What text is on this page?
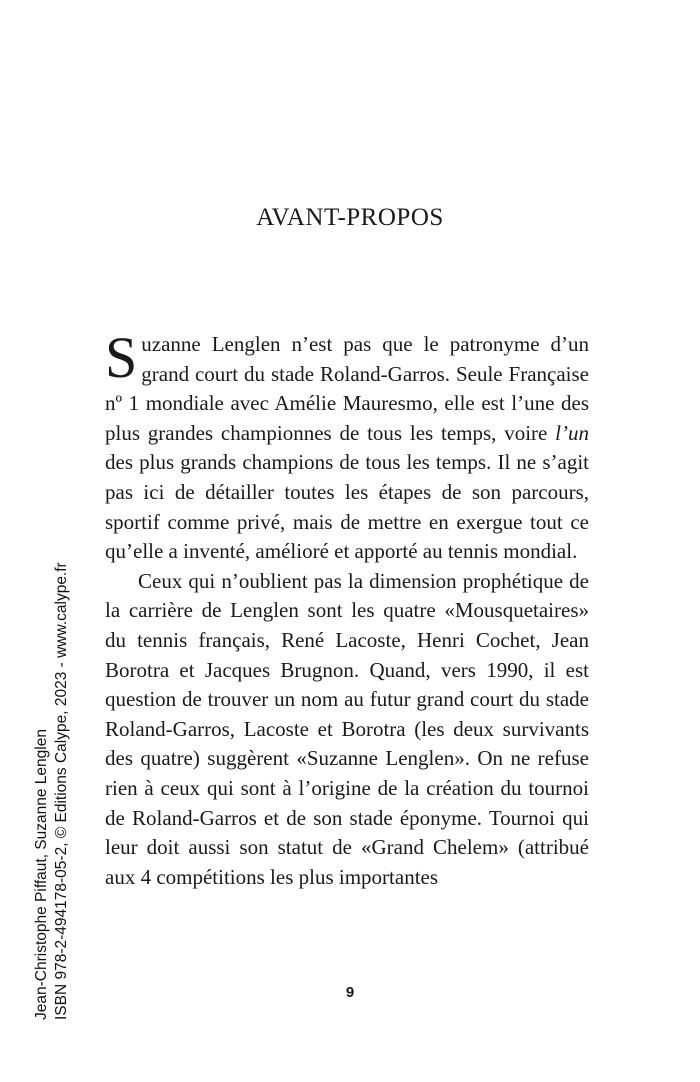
AVANT-PROPOS

Suzanne Lenglen n’est pas que le patronyme d’un grand court du stade Roland-Garros. Seule Française nº 1 mondiale avec Amélie Mauresmo, elle est l’une des plus grandes championnes de tous les temps, voire l’un des plus grands champions de tous les temps. Il ne s’agit pas ici de détailler toutes les étapes de son parcours, sportif comme privé, mais de mettre en exergue tout ce qu’elle a inventé, amélioré et apporté au tennis mondial.

Ceux qui n’oublient pas la dimension prophétique de la carrière de Lenglen sont les quatre «Mousquetaires» du tennis français, René Lacoste, Henri Cochet, Jean Borotra et Jacques Brugnon. Quand, vers 1990, il est question de trouver un nom au futur grand court du stade Roland-Garros, Lacoste et Borotra (les deux survivants des quatre) suggèrent «Suzanne Lenglen». On ne refuse rien à ceux qui sont à l’origine de la création du tournoi de Roland-Garros et de son stade éponyme. Tournoi qui leur doit aussi son statut de «Grand Chelem» (attribué aux 4 compétitions les plus importantes

Jean-Christophe Piffaut, Suzanne Lenglen ISBN 978-2-494178-05-2, © Editions Calype, 2023 - www.calype.fr	9
